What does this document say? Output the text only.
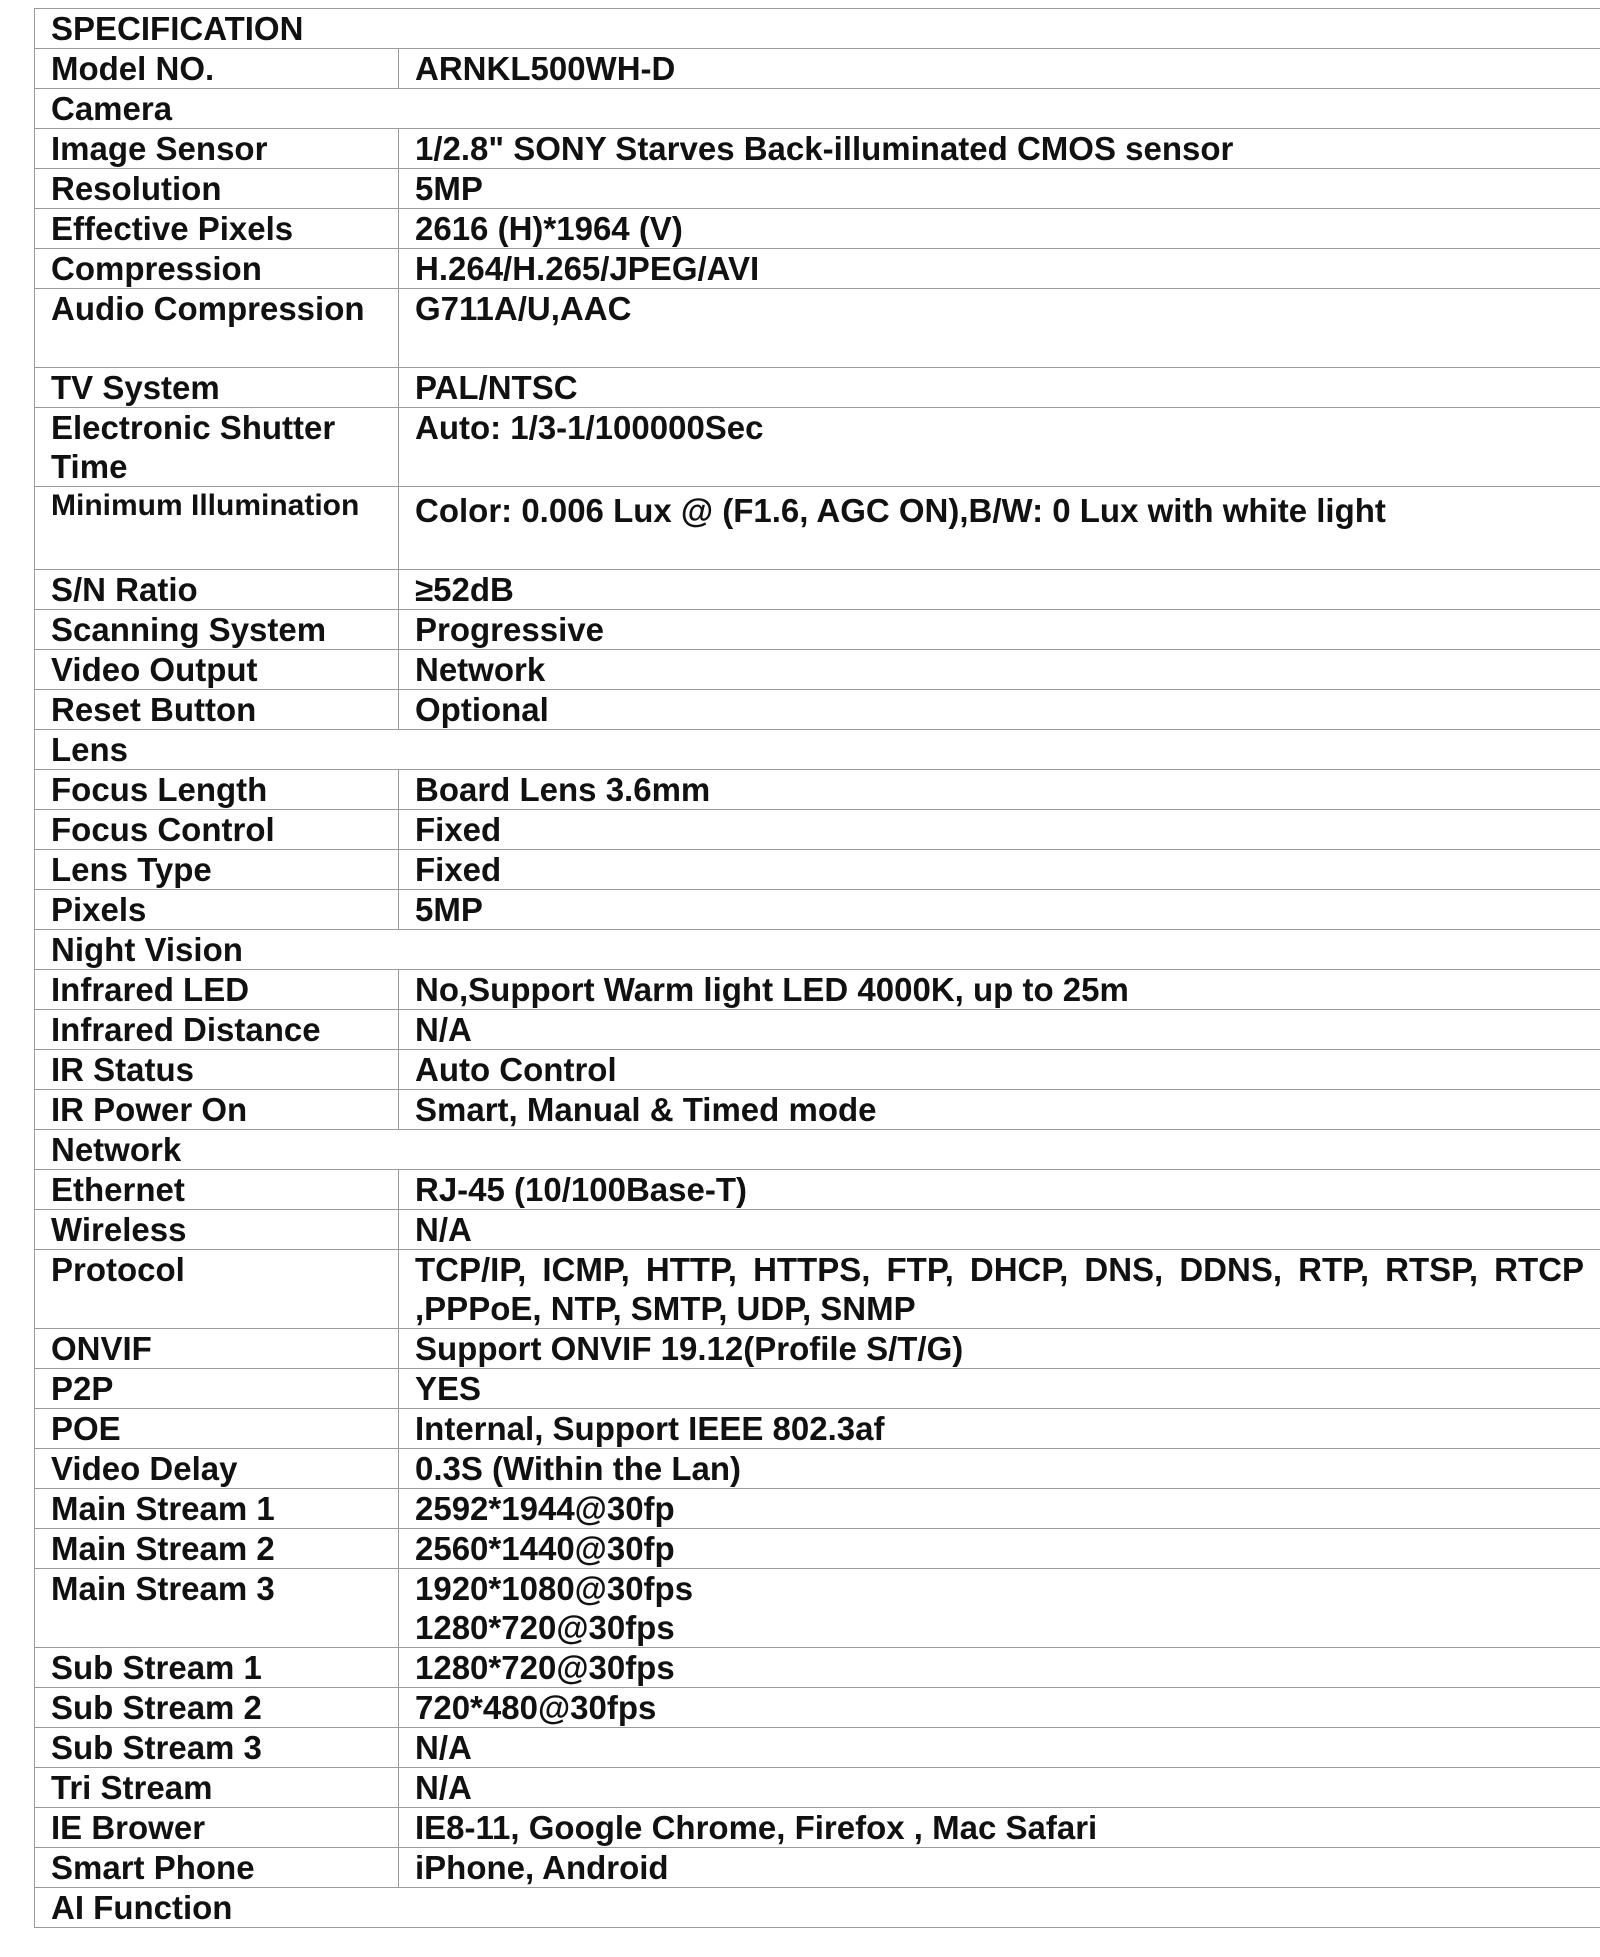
SPECIFICATION	
Model NO.	ARNKL500WH-D
Camera	
Image Sensor	1/2.8" SONY Starves Back-illuminated CMOS sensor
Resolution	5MP
Effective Pixels	2616 (H)*1964 (V)
Compression	H.264/H.265/JPEG/AVI
Audio Compression	G711A/U,AAC
TV System	PAL/NTSC
Electronic Shutter Time	Auto: 1/3-1/100000Sec
Minimum Illumination	Color: 0.006 Lux @ (F1.6, AGC ON),B/W: 0 Lux with white light
S/N Ratio	≥52dB
Scanning System	Progressive
Video Output	Network
Reset Button	Optional
Lens	
Focus Length	Board Lens 3.6mm
Focus Control	Fixed
Lens Type	Fixed
Pixels	5MP
Night Vision	
Infrared LED	No,Support Warm light LED 4000K, up to 25m
Infrared Distance	N/A
IR Status	Auto Control
IR Power On	Smart, Manual & Timed mode
Network	
Ethernet	RJ-45 (10/100Base-T)
Wireless	N/A
Protocol	TCP/IP, ICMP, HTTP, HTTPS, FTP, DHCP, DNS, DDNS, RTP, RTSP, RTCP ,PPPoE, NTP, SMTP, UDP, SNMP
ONVIF	Support ONVIF 19.12(Profile S/T/G)
P2P	YES
POE	Internal, Support IEEE 802.3af
Video Delay	0.3S (Within the Lan)
Main Stream 1	2592*1944@30fp
Main Stream 2	2560*1440@30fp
Main Stream 3	1920*1080@30fps 1280*720@30fps

Sub Stream 1	1280*720@30fps
Sub Stream 2	720*480@30fps
Sub Stream 3	N/A
Tri Stream	N/A
IE Brower	IE8-11, Google Chrome, Firefox , Mac Safari
Smart Phone	iPhone, Android
AI Function	
